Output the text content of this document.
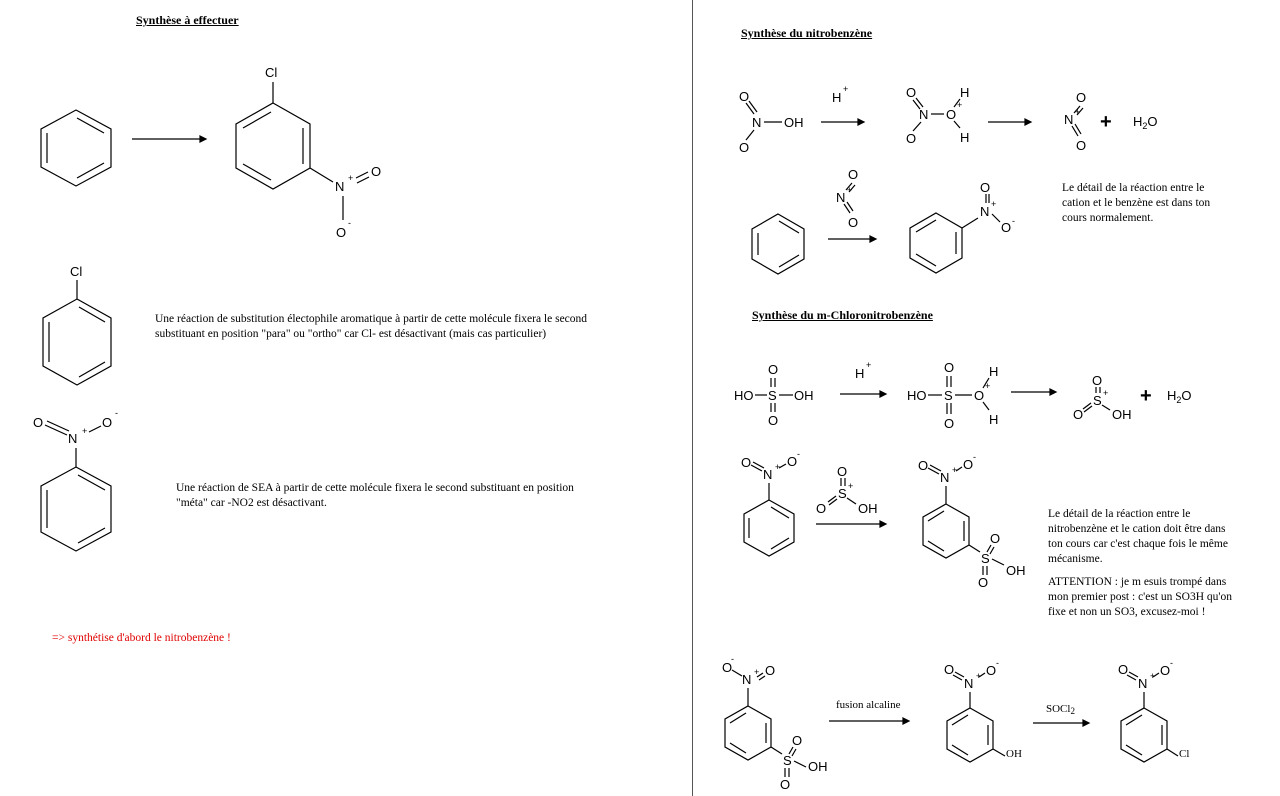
Synthèse à effectuer
Une réaction de substitution électophile aromatique à partir de cette molécule fixera le second
substituant en position "para" ou "ortho" car Cl- est désactivant (mais cas particulier)
Une réaction de SEA à partir de cette molécule fixera le second substituant en position
"méta" car -NO2 est désactivant.
=> synthétise d'abord le nitrobenzène !
Synthèse du nitrobenzène
Le détail de la réaction entre le
cation et le benzène est dans ton
cours normalement.
Synthèse du m-Chloronitrobenzène
Le détail de la réaction entre le
nitrobenzène et le cation doit être dans
ton cours car c'est chaque fois le même
mécanisme.
ATTENTION : je m esuis trompé dans
mon premier post : c'est un SO3H qu'on
fixe et non un SO3, excusez-moi !
Cl
N
+ O
O
-
Cl
O
N +
O
-
O
N
O
OH
H
+	O
N
O
O
+
H
H
O
N +
O
+ $H_2O$
O
N +
O
N +
O
O -
HO S OH
O
O
H
+
HO S O
+
H
H
O
O
O
S +
O OH
+ $H_2O$
O
N + O -
O
S +
O OH
O
N + O -
S
O
O
OH
O
-
N + O
S
O
O
OH
fusion alcaline
O
N + O -
OH
SOCl2
O
N + O -
Cl
